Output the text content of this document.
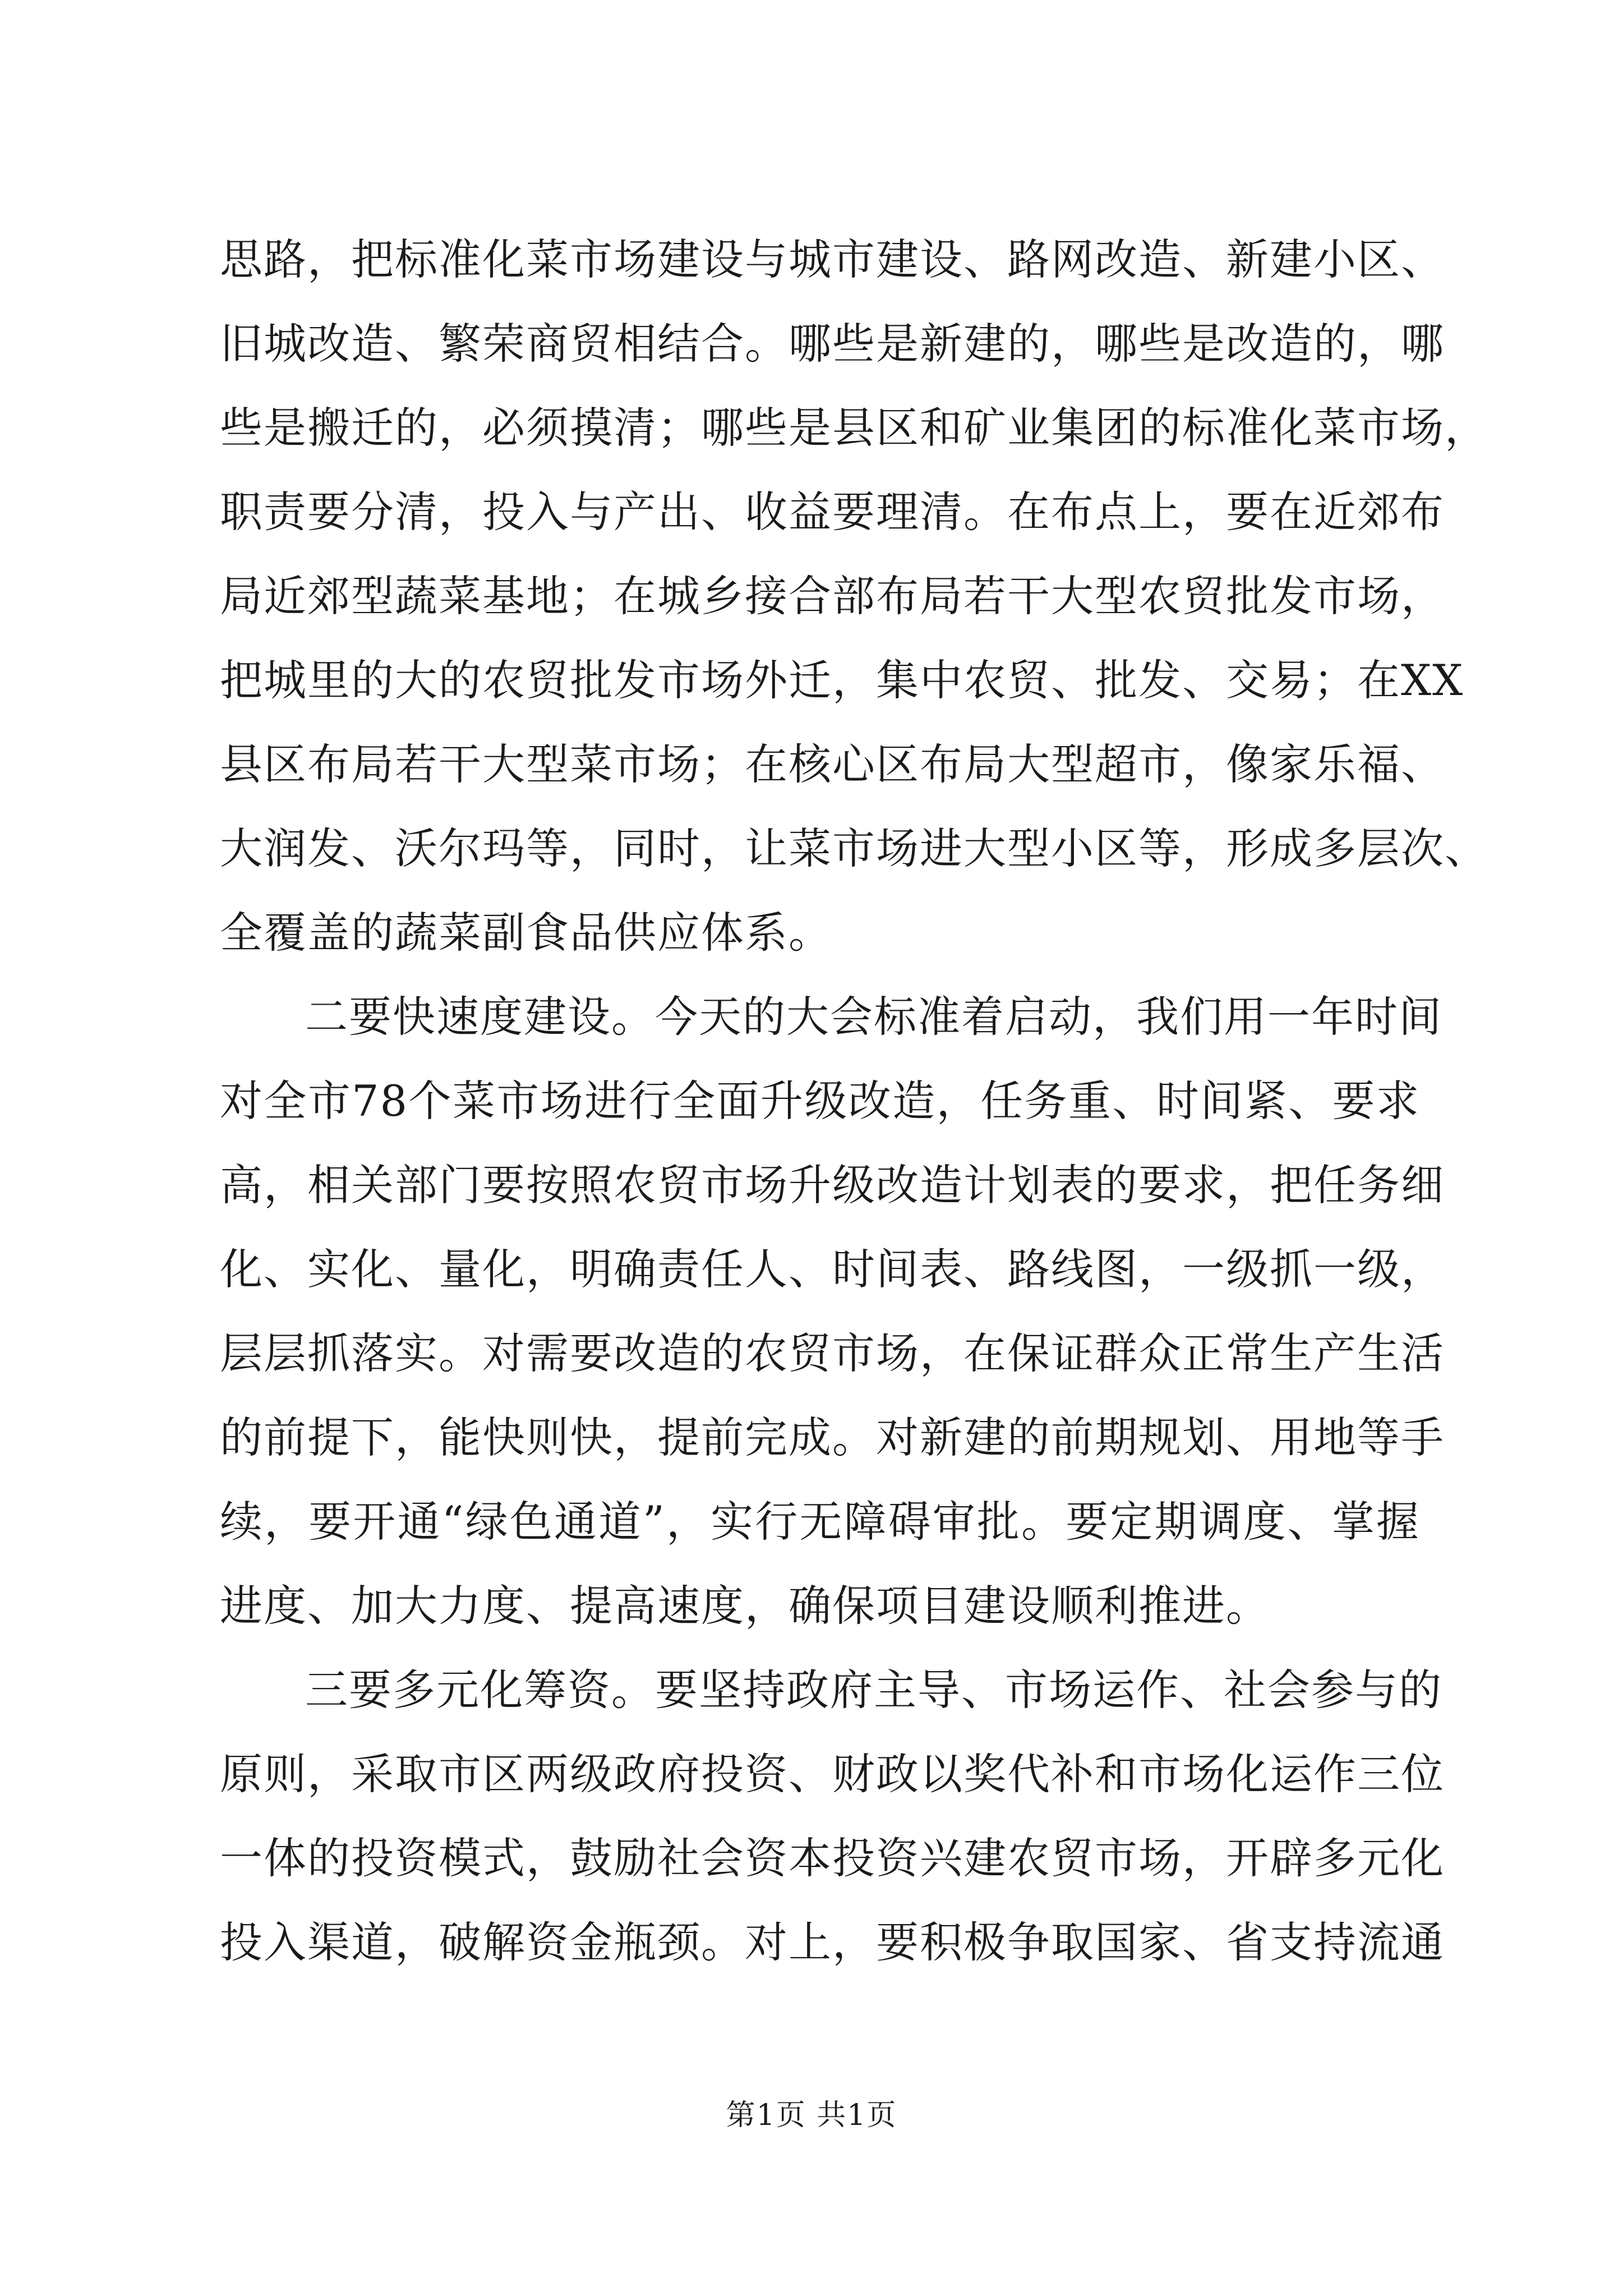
思路，把标准化菜市场建设与城市建设、路网改造、新建小区、
旧城改造、繁荣商贸相结合。哪些是新建的，哪些是改造的，哪
些是搬迁的，必须摸清；哪些是县区和矿业集团的标准化菜市场，
职责要分清，投入与产出、收益要理清。在布点上，要在近郊布
局近郊型蔬菜基地；在城乡接合部布局若干大型农贸批发市场，
把城里的大的农贸批发市场外迁，集中农贸、批发、交易；在XX
县区布局若干大型菜市场；在核心区布局大型超市，像家乐福、
大润发、沃尔玛等，同时，让菜市场进大型小区等，形成多层次、
全覆盖的蔬菜副食品供应体系。
二要快速度建设。今天的大会标准着启动，我们用一年时间
对全市78个菜市场进行全面升级改造，任务重、时间紧、要求
高，相关部门要按照农贸市场升级改造计划表的要求，把任务细
化、实化、量化，明确责任人、时间表、路线图，一级抓一级，
层层抓落实。对需要改造的农贸市场，在保证群众正常生产生活
的前提下，能快则快，提前完成。对新建的前期规划、用地等手
续，要开通“绿色通道”，实行无障碍审批。要定期调度、掌握
进度、加大力度、提高速度，确保项目建设顺利推进。
三要多元化筹资。要坚持政府主导、市场运作、社会参与的
原则，采取市区两级政府投资、财政以奖代补和市场化运作三位
一体的投资模式，鼓励社会资本投资兴建农贸市场，开辟多元化
投入渠道，破解资金瓶颈。对上，要积极争取国家、省支持流通
第1页 共1页
